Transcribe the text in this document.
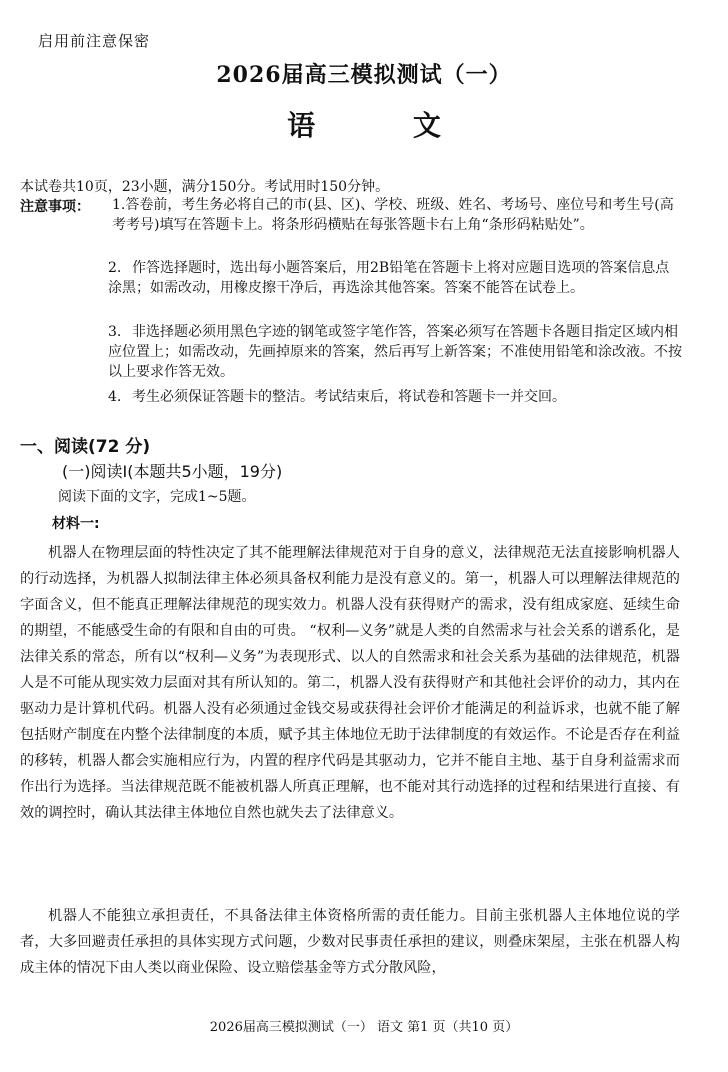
启用前注意保密
2026届高三模拟测试（一）
语 文
本试卷共10页，23小题，满分150分。考试用时150分钟。
注意事项： 1.答卷前，考生务必将自己的市(县、区)、学校、班级、姓名、考场号、座位号和考生号(高考考号)填写在答题卡上。将条形码横贴在每张答题卡右上角“条形码粘贴处”。

2. 作答选择题时，选出每小题答案后，用2B铅笔在答题卡上将对应题目选项的答案信息点涂黑；如需改动，用橡皮擦干净后，再选涂其他答案。答案不能答在试卷上。

3. 非选择题必须用黑色字迹的钢笔或签字笔作答，答案必须写在答题卡各题目指定区域内相应位置上；如需改动，先画掉原来的答案，然后再写上新答案；不准使用铅笔和涂改液。不按以上要求作答无效。

4. 考生必须保证答题卡的整洁。考试结束后，将试卷和答题卡一并交回。

一、阅读(72 分)
(一)阅读Ⅰ(本题共5小题，19分)
阅读下面的文字，完成1~5题。
材料一:

机器人在物理层面的特性决定了其不能理解法律规范对于自身的意义，法律规范无法直接影响机器人的行动选择，为机器人拟制法律主体必须具备权利能力是没有意义的。第一，机器人可以理解法律规范的字面含义，但不能真正理解法律规范的现实效力。机器人没有获得财产的需求，没有组成家庭、延续生命的期望，不能感受生命的有限和自由的可贵。 “权利—义务”就是人类的自然需求与社会关系的谱系化，是法律关系的常态，所有以“权利—义务”为表现形式、以人的自然需求和社会关系为基础的法律规范，机器人是不可能从现实效力层面对其有所认知的。第二，机器人没有获得财产和其他社会评价的动力，其内在驱动力是计算机代码。机器人没有必须通过金钱交易或获得社会评价才能满足的利益诉求，也就不能了解包括财产制度在内整个法律制度的本质，赋予其主体地位无助于法律制度的有效运作。不论是否存在利益的移转，机器人都会实施相应行为，内置的程序代码是其驱动力，它并不能自主地、基于自身利益需求而作出行为选择。当法律规范既不能被机器人所真正理解，也不能对其行动选择的过程和结果进行直接、有效的调控时，确认其法律主体地位自然也就失去了法律意义。

机器人不能独立承担责任，不具备法律主体资格所需的责任能力。目前主张机器人主体地位说的学者，大多回避责任承担的具体实现方式问题，少数对民事责任承担的建议，则叠床架屋，主张在机器人构成主体的情况下由人类以商业保险、设立赔偿基金等方式分散风险，

2026届高三模拟测试（一） 语文 第1 页（共10 页）
